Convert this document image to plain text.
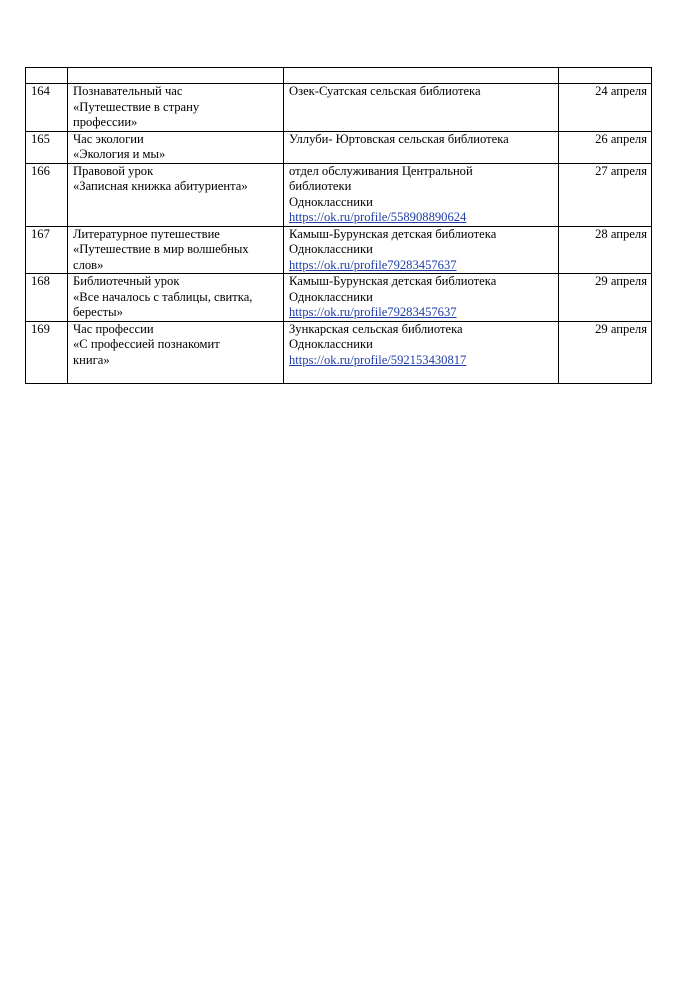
164	Познавательный час
«Путешествие в страну
профессии»	Озек-Суатская сельская библиотека	24 апреля
165	Час экологии
«Экология и мы»	Уллуби- Юртовская сельская библиотека	26 апреля
166	Правовой урок
«Записная книжка абитуриента»	отдел обслуживания Центральной
библиотеки
Одноклассники
https://ok.ru/profile/558908890624	27 апреля
167	Литературное путешествие
«Путешествие в мир волшебных
слов»	Камыш-Бурунская детская библиотека
Одноклассники
https://ok.ru/profile79283457637	28 апреля
168	Библиотечный урок
«Все началось с таблицы, свитка,
бересты»	Камыш-Бурунская детская библиотека
Одноклассники
https://ok.ru/profile79283457637	29 апреля
169	Час профессии
«С профессией познакомит
книга»	Зункарская сельская библиотека
Одноклассники
https://ok.ru/profile/592153430817	29 апреля
